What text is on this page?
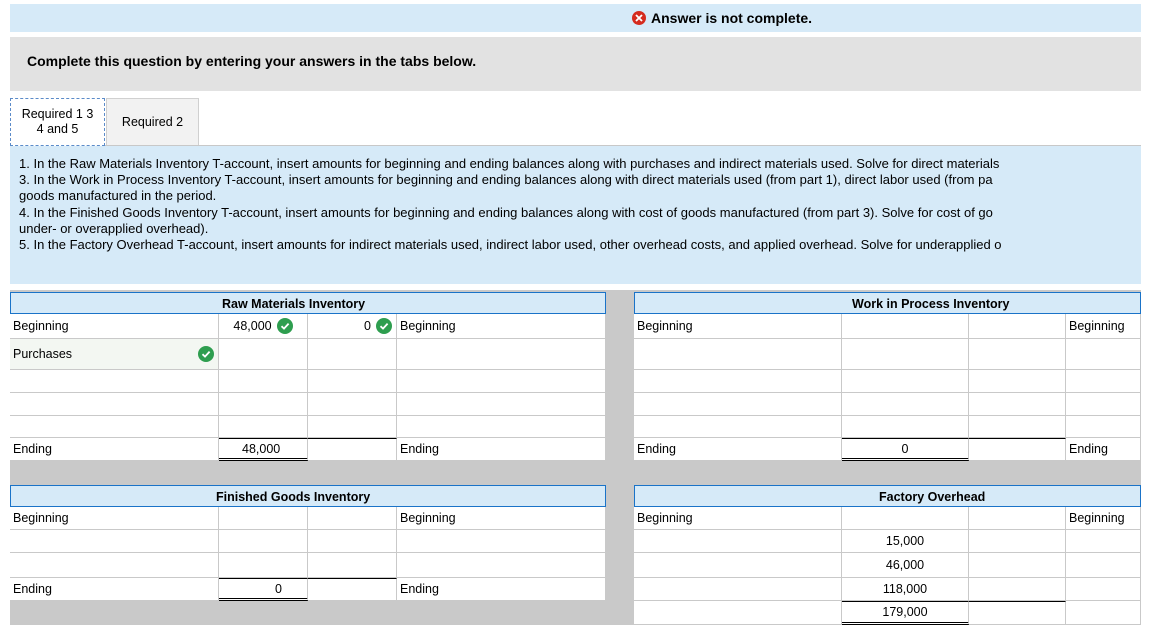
Answer is not complete.
Complete this question by entering your answers in the tabs below.
Required 1 3 4 and 5	Required 2

1. In the Raw Materials Inventory T-account, insert amounts for beginning and ending balances along with purchases and indirect materials used. Solve for direct materials

3. In the Work in Process Inventory T-account, insert amounts for beginning and ending balances along with direct materials used (from part 1), direct labor used (from pa

goods manufactured in the period.

4. In the Finished Goods Inventory T-account, insert amounts for beginning and ending balances along with cost of goods manufactured (from part 3). Solve for cost of go

under- or overapplied overhead).

5. In the Factory Overhead T-account, insert amounts for indirect materials used, indirect labor used, other overhead costs, and applied overhead. Solve for underapplied o

Raw Materials Inventory
Beginning	48,000	0 Beginning
Purchases
Ending	48,000	Ending
Work in Process Inventory
Beginning	Beginning
Ending	0	Ending
Finished Goods Inventory
Beginning	Beginning
Ending	0	Ending
Factory Overhead
Beginning	Beginning
15,000
46,000
118,000
179,000
